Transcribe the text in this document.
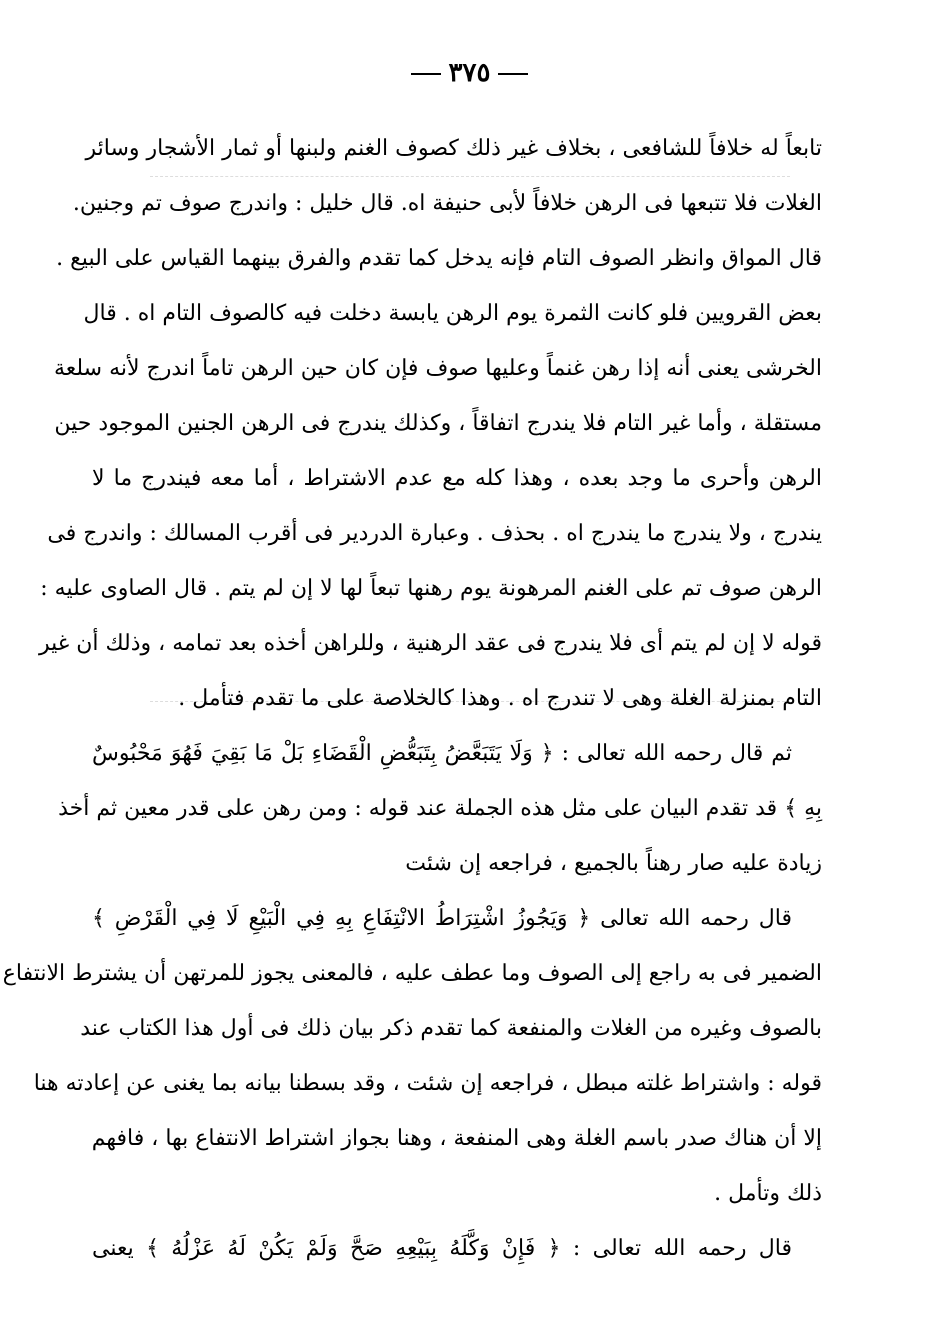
٣٧٥
تابعاً له خلافاً للشافعى ، بخلاف غير ذلك كصوف الغنم ولبنها أو ثمار الأشجار وسائر
الغلات فلا تتبعها فى الرهن خلافاً لأبى حنيفة اه. قال خليل : واندرج صوف تم وجنين.
قال المواق وانظر الصوف التام فإنه يدخل كما تقدم والفرق بينهما القياس على البيع .
بعض القرويين فلو كانت الثمرة يوم الرهن يابسة دخلت فيه كالصوف التام اه . قال
الخرشى يعنى أنه إذا رهن غنماً وعليها صوف فإن كان حين الرهن تاماً اندرج لأنه سلعة
مستقلة ، وأما غير التام فلا يندرج اتفاقاً ، وكذلك يندرج فى الرهن الجنين الموجود حين
الرهن وأحرى ما وجد بعده ، وهذا كله مع عدم الاشتراط ، أما معه فيندرج ما لا
يندرج ، ولا يندرج ما يندرج اه . بحذف . وعبارة الدردير فى أقرب المسالك : واندرج فى
الرهن صوف تم على الغنم المرهونة يوم رهنها تبعاً لها لا إن لم يتم . قال الصاوى عليه :
قوله لا إن لم يتم أى فلا يندرج فى عقد الرهنية ، وللراهن أخذه بعد تمامه ، وذلك أن غير
التام بمنزلة الغلة وهى لا تندرج اه . وهذا كالخلاصة على ما تقدم فتأمل .
ثم قال رحمه الله تعالى : ﴿ وَلَا يَتَبَعَّضُ بِتَبَعُّضِ الْقَضَاءِ بَلْ مَا بَقِيَ فَهُوَ مَحْبُوسٌ
بِهِ ﴾ قد تقدم البيان على مثل هذه الجملة عند قوله : ومن رهن على قدر معين ثم أخذ
زيادة عليه صار رهناً بالجميع ، فراجعه إن شئت
قال رحمه الله تعالى ﴿ وَيَجُوزُ اشْتِرَاطُ الانْتِفَاعِ بِهِ فِي الْبَيْعِ لَا فِي الْقَرْضِ ﴾
الضمير فى به راجع إلى الصوف وما عطف عليه ، فالمعنى يجوز للمرتهن أن يشترط الانتفاع
بالصوف وغيره من الغلات والمنفعة كما تقدم ذكر بيان ذلك فى أول هذا الكتاب عند
قوله : واشتراط غلته مبطل ، فراجعه إن شئت ، وقد بسطنا بيانه بما يغنى عن إعادته هنا
إلا أن هناك صدر باسم الغلة وهى المنفعة ، وهنا بجواز اشتراط الانتفاع بها ، فافهم
ذلك وتأمل .
قال رحمه الله تعالى : ﴿ فَإِنْ وَكَّلَهُ بِبَيْعِهِ صَحَّ وَلَمْ يَكُنْ لَهُ عَزْلُهُ ﴾ يعنى
